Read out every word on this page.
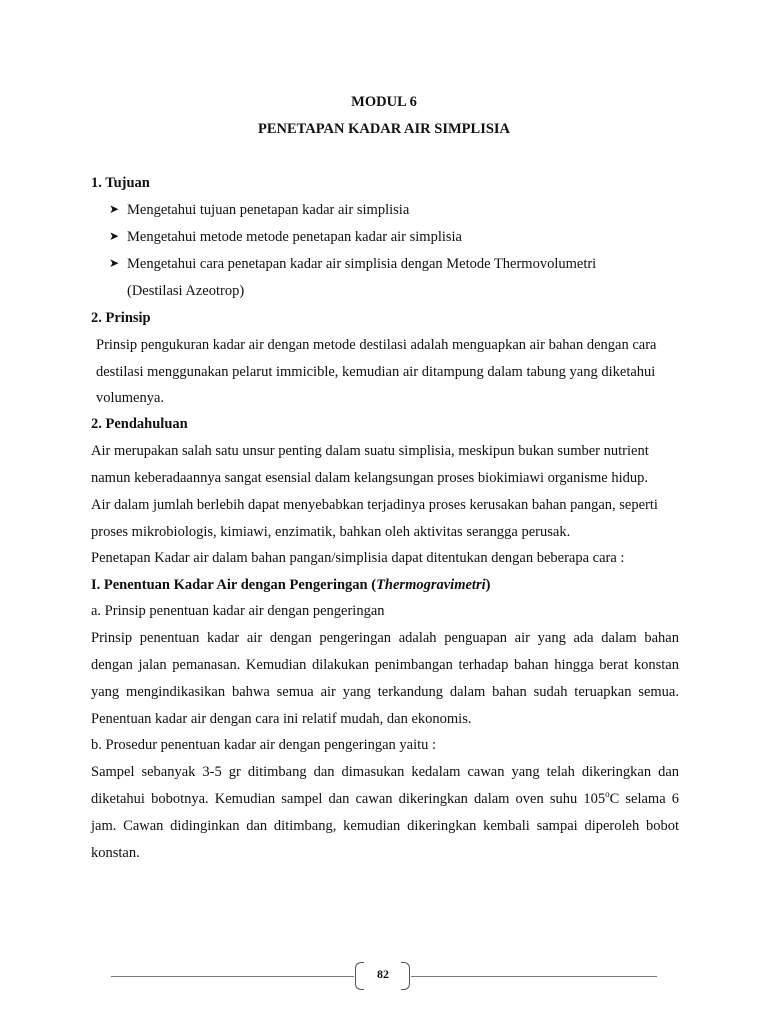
MODUL 6
PENETAPAN KADAR AIR SIMPLISIA
1. Tujuan
➤ Mengetahui tujuan penetapan kadar air simplisia
➤ Mengetahui metode metode penetapan kadar air simplisia
➤ Mengetahui cara penetapan kadar air simplisia dengan Metode Thermovolumetri
(Destilasi Azeotrop)
2. Prinsip
Prinsip pengukuran kadar air dengan metode destilasi adalah menguapkan air bahan dengan cara
destilasi menggunakan pelarut immicible, kemudian air ditampung dalam tabung yang diketahui
volumenya.
2. Pendahuluan
Air merupakan salah satu unsur penting dalam suatu simplisia, meskipun bukan sumber nutrient
namun keberadaannya sangat esensial dalam kelangsungan proses biokimiawi organisme hidup.
Air dalam jumlah berlebih dapat menyebabkan terjadinya proses kerusakan bahan pangan, seperti
proses mikrobiologis, kimiawi, enzimatik, bahkan oleh aktivitas serangga perusak.
Penetapan Kadar air dalam bahan pangan/simplisia dapat ditentukan dengan beberapa cara :
I. Penentuan Kadar Air dengan Pengeringan (Thermogravimetri)
a. Prinsip penentuan kadar air dengan pengeringan
Prinsip penentuan kadar air dengan pengeringan adalah penguapan air yang ada dalam bahan
dengan jalan pemanasan. Kemudian dilakukan penimbangan terhadap bahan hingga berat konstan
yang mengindikasikan bahwa semua air yang terkandung dalam bahan sudah teruapkan semua.
Penentuan kadar air dengan cara ini relatif mudah, dan ekonomis.
b. Prosedur penentuan kadar air dengan pengeringan yaitu :
Sampel sebanyak 3-5 gr ditimbang dan dimasukan kedalam cawan yang telah dikeringkan dan
diketahui bobotnya. Kemudian sampel dan cawan dikeringkan dalam oven suhu 105$^o$C selama 6
jam. Cawan didinginkan dan ditimbang, kemudian dikeringkan kembali sampai diperoleh bobot
konstan.
82
